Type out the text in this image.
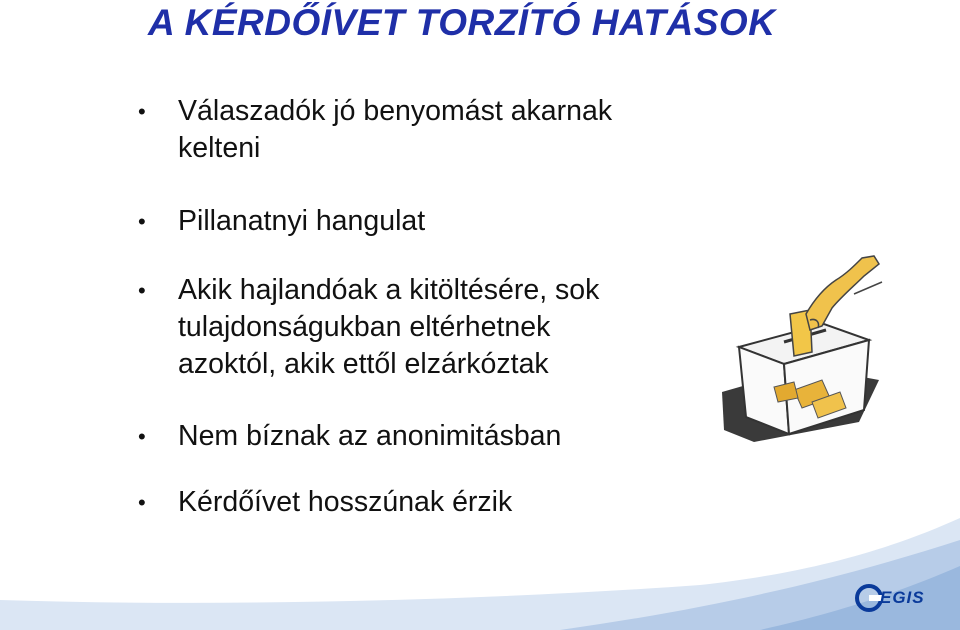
A KÉRDŐÍVET TORZÍTÓ HATÁSOK
• Válaszadók jó benyomást akarnak
kelteni
• Pillanatnyi hangulat
• Akik hajlandóak a kitöltésére, sok
tulajdonságukban eltérhetnek
azoktól, akik ettől elzárkóztak
• Nem bíznak az anonimitásban
• Kérdőívet hosszúnak érzik
EGIS
